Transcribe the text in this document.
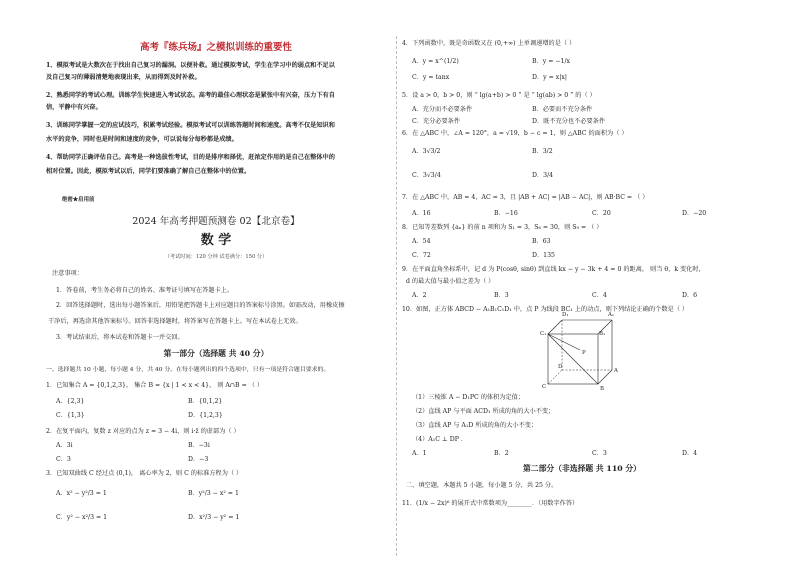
高考『练兵场』之模拟训练的重要性
1、模拟考试是大数次在于找出自己复习的漏洞。以便补救。通过模拟考试，学生在学习中的弱点和不足以
及自己复习的薄弱清楚地表现出来，从而得到及时补救。
2、熟悉同学的考试心理。训练学生快速进入考试状态。高考的最佳心理状态是紧张中有兴奋，压力下有自
信，平静中有兴奋。
3、训练同学掌握一定的应试技巧，积累考试经验。模拟考试可以训练答题时间和速度。高考不仅是知识和
水平的竞争，同时也是时间和速度的竞争，可以说每分每秒都是成绩。
4、帮助同学正确评估自己。高考是一种选拔性考试，目的是排序和择优，赶浓定作用的是自己在整体中的
相对位置。因此，模拟考试以后，同学们要准确了解自己在整体中的位置。
绝密★启用前
2024 年高考押题预测卷 02【北京卷】
数 学
（考试时间：120 分钟 试卷满分：150 分）
注意事项：
1．答卷前，考生务必将自己的姓名、准考证号填写在答题卡上。
2．回答选择题时，选出每小题答案后，用铅笔把答题卡上对应题目的答案标号涂黑。如需改动，用橡皮擦
干净后，再选涂其他答案标号。回答非选择题时，将答案写在答题卡上。写在本试卷上无效。
3．考试结束后，将本试卷和答题卡一并交回。
第一部分（选择题 共 40 分）
一、选择题共 10 小题，每小题 4 分，共 40 分。在每小题列出的四个选项中，只有一项是符合题目要求的。
1．已知集合 A = {0,1,2,3}， 集合 B = {x | 1 < x < 4}， 则 A∩B = （ ）
A．{2,3}	B．{0,1,2}
C．{1,3}	D．{1,2,3}
2．在复平面内，复数 z 对应的点为 z = 3 − 4i，则 i·z̄ 的虚部为（ ）
A．3i	B．−3i
C．3	D．−3
3．已知双曲线 C 经过点 (0,1)， 离心率为 2，则 C 的标准方程为（ ）
A．x² − y²/3 = 1	B．y²/3 − x² = 1
C．y² − x²/3 = 1	D．x²/3 − y² = 1
4．下列函数中，既是奇函数又在 (0,+∞) 上单调递增的是（ ）
A．y = x^(1/2)	B．y = −1/x
C．y = tanx	D．y = x|x|
5．设 a > 0，b > 0，则 “ lg(a+b) > 0 ” 是 “ lg(ab) > 0 ” 的（ ）
A．充分而不必要条件	B．必要而不充分条件
C．充分必要条件	D．既不充分也不必要条件
6．在 △ABC 中，∠A = 120°，a = √19，b − c = 1，则 △ABC 的面积为（ ）
A．3√3/2	B．3/2
C．3√3/4	D．3/4
7．在 △ABC 中，AB = 4，AC = 3，且 |AB + AC| = |AB − AC|，则 AB·BC = （ ）
A．16	B．−16	C．20	D．−20
8．已知等差数列 {aₙ} 的前 n 项和为 S₁ = 3，S₆ = 30，则 S₉ = （ ）
A．54	B．63
C．72	D．135
9．在平面直角坐标系中，记 d 为 P(cosθ, sinθ) 到直线 kx − y − 3k + 4 = 0 的距离， 则当 θ，k 变化时，
d 的最大值与最小值之差为（ ）
A．2	B．3	C．4	D．6
10．如图，正方体 ABCD − A₁B₁C₁D₁ 中，点 P 为线段 BC₁ 上的动点，则下列结论正确的个数是（ ）
A₁
B₁
C₁
D₁
A
B
C
D
P
（1）三棱锥 A − D₁PC 的体积为定值；
（2）直线 AP 与平面 ACD₁ 所成的角的大小不变；
（3）直线 AP 与 A₁D 所成的角的大小不变；
（4）A₁C ⊥ DP ．
A．1	B．2	C．3	D．4
第二部分（非选择题 共 110 分）
二、填空题，本题共 5 小题，每小题 5 分，共 25 分。
11．(1/x − 2x)⁶ 的展开式中常数项为________．（用数字作答）
